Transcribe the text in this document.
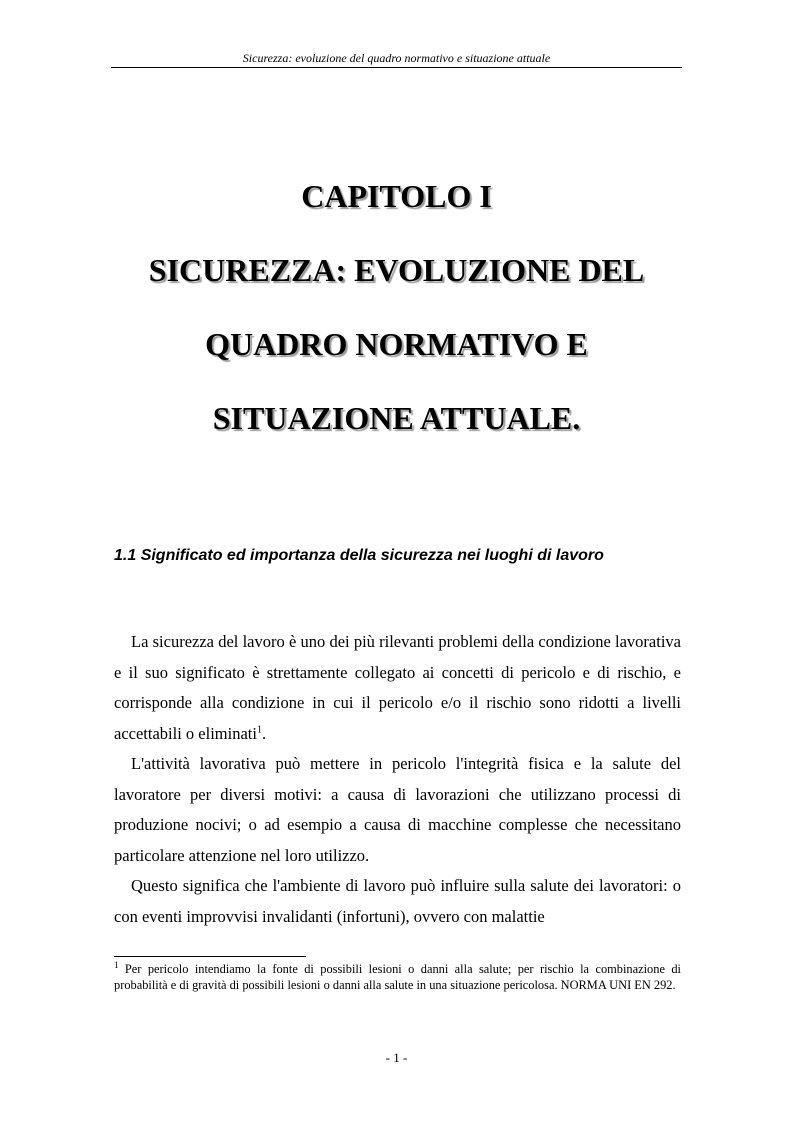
Sicurezza: evoluzione del quadro normativo e situazione attuale
CAPITOLO I
SICUREZZA: EVOLUZIONE DEL
QUADRO NORMATIVO E
SITUAZIONE ATTUALE.
1.1 Significato ed importanza della sicurezza nei luoghi di lavoro

La sicurezza del lavoro è uno dei più rilevanti problemi della condizione lavorativa e il suo significato è strettamente collegato ai concetti di pericolo e di rischio, e corrisponde alla condizione in cui il pericolo e/o il rischio sono ridotti a livelli accettabili o eliminati$^1$.

L'attività lavorativa può mettere in pericolo l'integrità fisica e la salute del lavoratore per diversi motivi: a causa di lavorazioni che utilizzano processi di produzione nocivi; o ad esempio a causa di macchine complesse che necessitano particolare attenzione nel loro utilizzo.

Questo significa che l'ambiente di lavoro può influire sulla salute dei lavoratori: o con eventi improvvisi invalidanti (infortuni), ovvero con malattie

$^1$ Per pericolo intendiamo la fonte di possibili lesioni o danni alla salute; per rischio la combinazione di probabilità e di gravità di possibili lesioni o danni alla salute in una situazione pericolosa. NORMA UNI EN 292.
- 1 -
